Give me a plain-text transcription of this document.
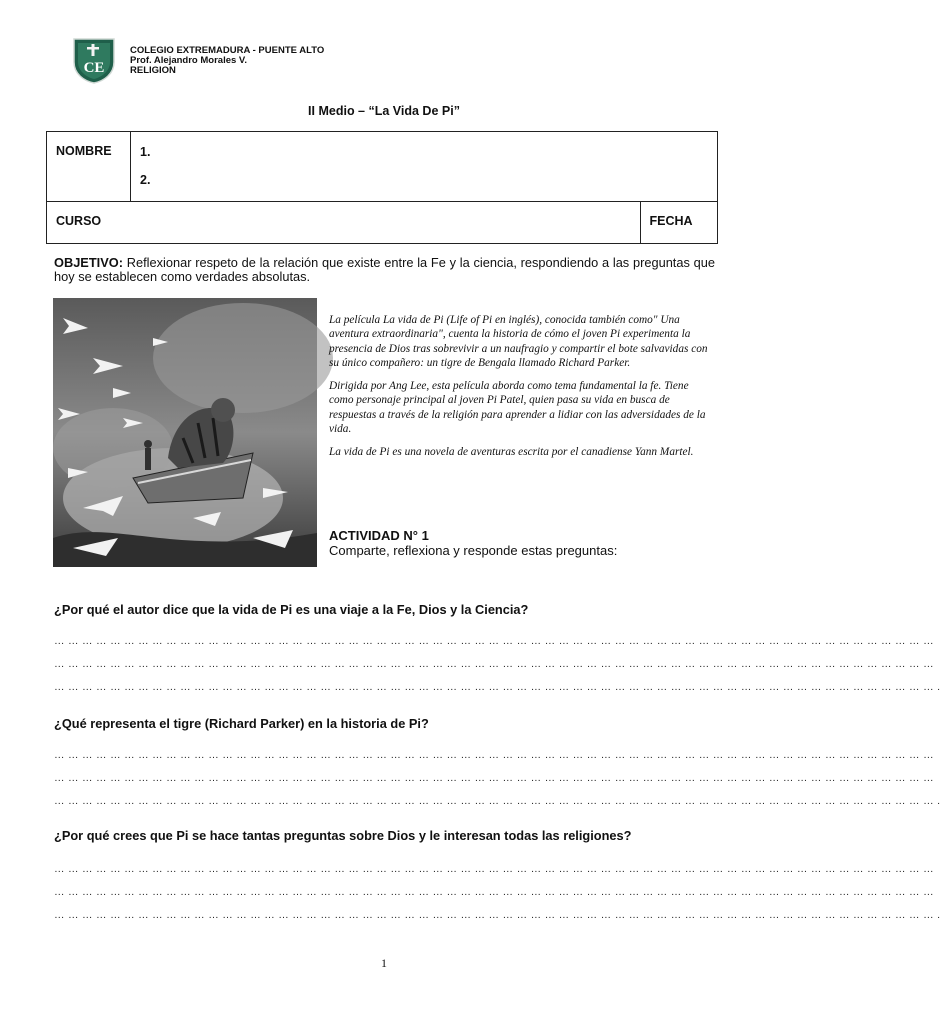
CE
COLEGIO EXTREMADURA - PUENTE ALTO
Prof. Alejandro Morales V.
RELIGION
II Medio – “La Vida De Pi”
NOMBRE	1.
2.	

CURSO		FECHA
OBJETIVO: Reflexionar respeto de la relación que existe entre la Fe y la ciencia, respondiendo a las preguntas que hoy se establecen como verdades absolutas.

La película La vida de Pi (Life of Pi en inglés), conocida también como" Una aventura extraordinaria", cuenta la historia de cómo el joven Pi experimenta la presencia de Dios tras sobrevivir a un naufragio y compartir el bote salvavidas con su único compañero: un tigre de Bengala llamado Richard Parker.

Dirigida por Ang Lee, esta película aborda como tema fundamental la fe. Tiene como personaje principal al joven Pi Patel, quien pasa su vida en busca de respuestas a través de la religión para aprender a lidiar con las adversidades de la vida.

La vida de Pi es una novela de aventuras escrita por el canadiense Yann Martel.

ACTIVIDAD N° 1
Comparte, reflexiona y responde estas preguntas:
¿Por qué el autor dice que la vida de Pi es una viaje a la Fe, Dios y la Ciencia?
… … … … … … … … … … … … … … … … … … … … … … … … … … … … … … … … … … … … … … … … … … … … … … … … … … … … … … … … … … … … … … …
… … … … … … … … … … … … … … … … … … … … … … … … … … … … … … … … … … … … … … … … … … … … … … … … … … … … … … … … … … … … … … …
… … … … … … … … … … … … … … … … … … … … … … … … … … … … … … … … … … … … … … … … … … … … … … … … … … … … … … … … … … … … … … … .
¿Qué representa el tigre (Richard Parker) en la historia de Pi?
… … … … … … … … … … … … … … … … … … … … … … … … … … … … … … … … … … … … … … … … … … … … … … … … … … … … … … … … … … … … … … …
… … … … … … … … … … … … … … … … … … … … … … … … … … … … … … … … … … … … … … … … … … … … … … … … … … … … … … … … … … … … … … …
… … … … … … … … … … … … … … … … … … … … … … … … … … … … … … … … … … … … … … … … … … … … … … … … … … … … … … … … … … … … … … … .
¿Por qué crees que Pi se hace tantas preguntas sobre Dios y le interesan todas las religiones?
… … … … … … … … … … … … … … … … … … … … … … … … … … … … … … … … … … … … … … … … … … … … … … … … … … … … … … … … … … … … … … …
… … … … … … … … … … … … … … … … … … … … … … … … … … … … … … … … … … … … … … … … … … … … … … … … … … … … … … … … … … … … … … …
… … … … … … … … … … … … … … … … … … … … … … … … … … … … … … … … … … … … … … … … … … … … … … … … … … … … … … … … … … … … … … … .
1
